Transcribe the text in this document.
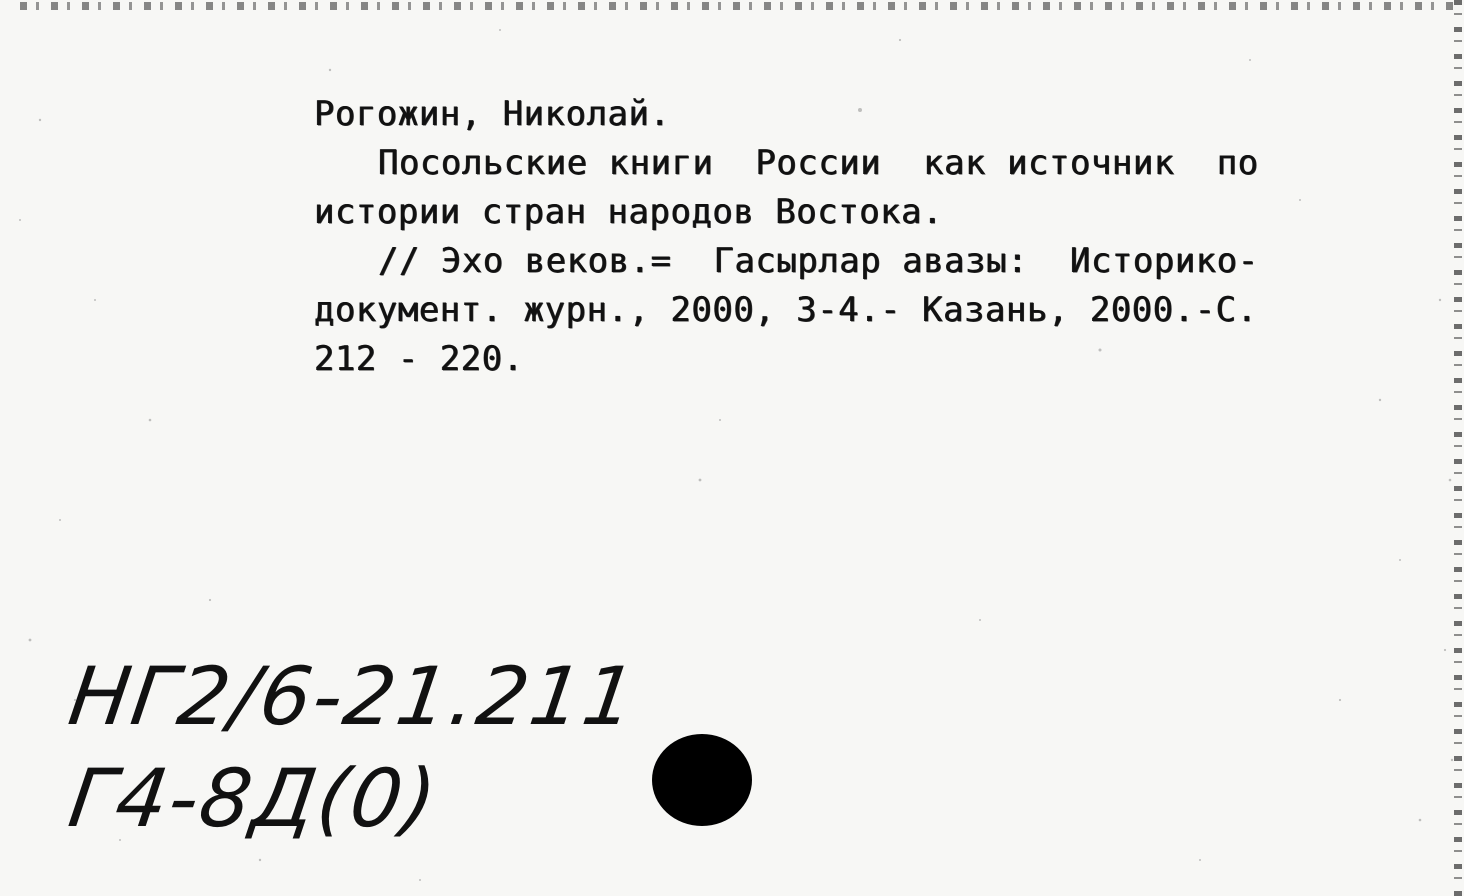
Рогожин, Николай.
Посольские книги  России  как источник  по
истории стран народов Востока.
// Эхо веков.=  Гасырлар авазы:  Историко-
документ. журн., 2000, 3-4.- Казань, 2000.-С.
212 - 220.
НГ2/6-21.211
Г4-8Д(0)
